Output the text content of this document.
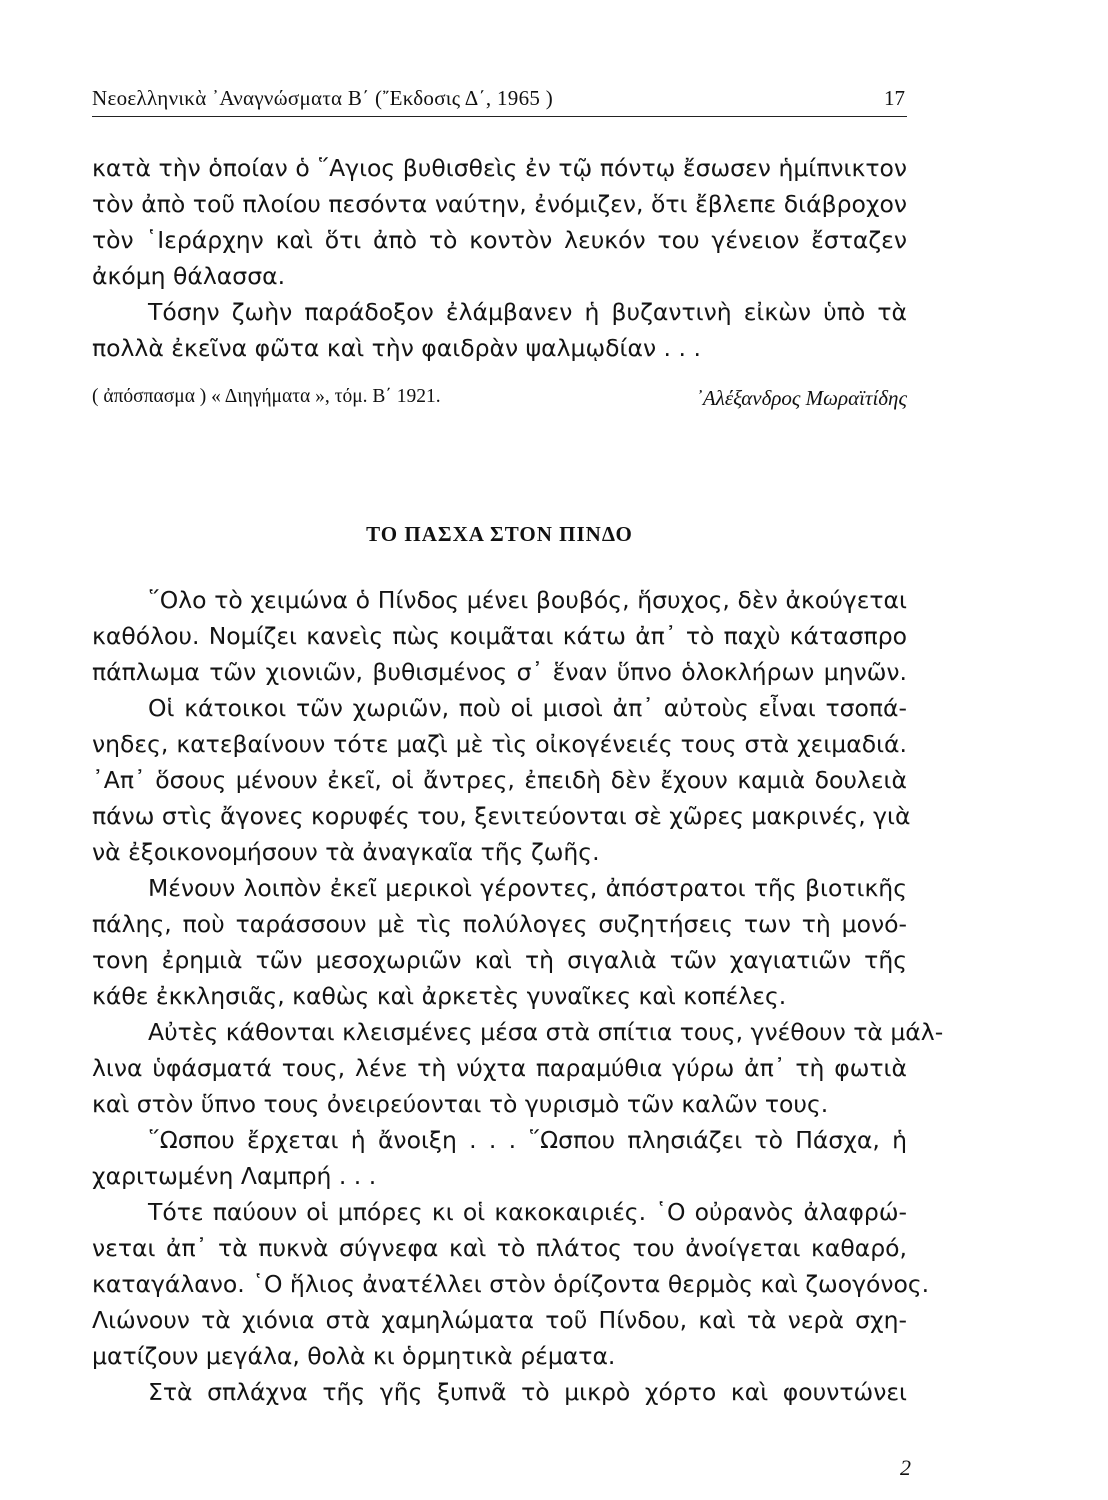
Νεοελληνικὰ ᾿Αναγνώσματα Β΄ (῎Εκδοσις Δ΄, 1965 )	17
κατὰ τὴν ὁποίαν ὁ ῞Αγιος βυθισθεὶς ἐν τῷ πόντῳ ἔσωσεν ἡμίπνικτον
τὸν ἀπὸ τοῦ πλοίου πεσόντα ναύτην, ἐνόμιζεν, ὅτι ἔβλεπε διάβροχον
τὸν ῾Ιεράρχην καὶ ὅτι ἀπὸ τὸ κοντὸν λευκόν του γένειον ἔσταζεν
ἀκόμη θάλασσα.
Τόσην ζωὴν παράδοξον ἐλάμβανεν ἡ βυζαντινὴ εἰκὼν ὑπὸ τὰ
πολλὰ ἐκεῖνα φῶτα καὶ τὴν φαιδρὰν ψαλμῳδίαν . . .
( ἀπόσπασμα ) « Διηγήματα », τόμ. Β΄ 1921.	᾿Αλέξανδρος Μωραϊτίδης
ΤΟ ΠΑΣΧΑ ΣΤΟΝ ΠΙΝΔΟ
῞Ολο τὸ χειμώνα ὁ Πίνδος μένει βουβός, ἥσυχος, δὲν ἀκούγεται
καθόλου. Νομίζει κανεὶς πὼς κοιμᾶται κάτω ἀπ᾿ τὸ παχὺ κάτασπρο
πάπλωμα τῶν χιονιῶν, βυθισμένος σ᾿ ἕναν ὕπνο ὁλοκλήρων μηνῶν.
Οἱ κάτοικοι τῶν χωριῶν, ποὺ οἱ μισοὶ ἀπ᾿ αὐτοὺς εἶναι τσοπά-
νηδες, κατεβαίνουν τότε μαζὶ μὲ τὶς οἰκογένειές τους στὰ χειμαδιά.
᾿Απ᾿ ὅσους μένουν ἐκεῖ, οἱ ἄντρες, ἐπειδὴ δὲν ἔχουν καμιὰ δουλειὰ
πάνω στὶς ἄγονες κορυφές του, ξενιτεύονται σὲ χῶρες μακρινές, γιὰ
νὰ ἐξοικονομήσουν τὰ ἀναγκαῖα τῆς ζωῆς.
Μένουν λοιπὸν ἐκεῖ μερικοὶ γέροντες, ἀπόστρατοι τῆς βιοτικῆς
πάλης, ποὺ ταράσσουν μὲ τὶς πολύλογες συζητήσεις των τὴ μονό-
τονη ἐρημιὰ τῶν μεσοχωριῶν καὶ τὴ σιγαλιὰ τῶν χαγιατιῶν τῆς
κάθε ἐκκλησιᾶς, καθὼς καὶ ἀρκετὲς γυναῖκες καὶ κοπέλες.
Αὐτὲς κάθονται κλεισμένες μέσα στὰ σπίτια τους, γνέθουν τὰ μάλ-
λινα ὑφάσματά τους, λένε τὴ νύχτα παραμύθια γύρω ἀπ᾿ τὴ φωτιὰ
καὶ στὸν ὕπνο τους ὀνειρεύονται τὸ γυρισμὸ τῶν καλῶν τους.
῞Ωσπου ἔρχεται ἡ ἄνοιξη . . . ῞Ωσπου πλησιάζει τὸ Πάσχα, ἡ
χαριτωμένη Λαμπρή . . .
Τότε παύουν οἱ μπόρες κι οἱ κακοκαιριές. ῾Ο οὐρανὸς ἀλαφρώ-
νεται ἀπ᾿ τὰ πυκνὰ σύγνεφα καὶ τὸ πλάτος του ἀνοίγεται καθαρό,
καταγάλανο. ῾Ο ἥλιος ἀνατέλλει στὸν ὁρίζοντα θερμὸς καὶ ζωογόνος.
Λιώνουν τὰ χιόνια στὰ χαμηλώματα τοῦ Πίνδου, καὶ τὰ νερὰ σχη-
ματίζουν μεγάλα, θολὰ κι ὁρμητικὰ ρέματα.
Στὰ σπλάχνα τῆς γῆς ξυπνᾶ τὸ μικρὸ χόρτο καὶ φουντώνει
2
